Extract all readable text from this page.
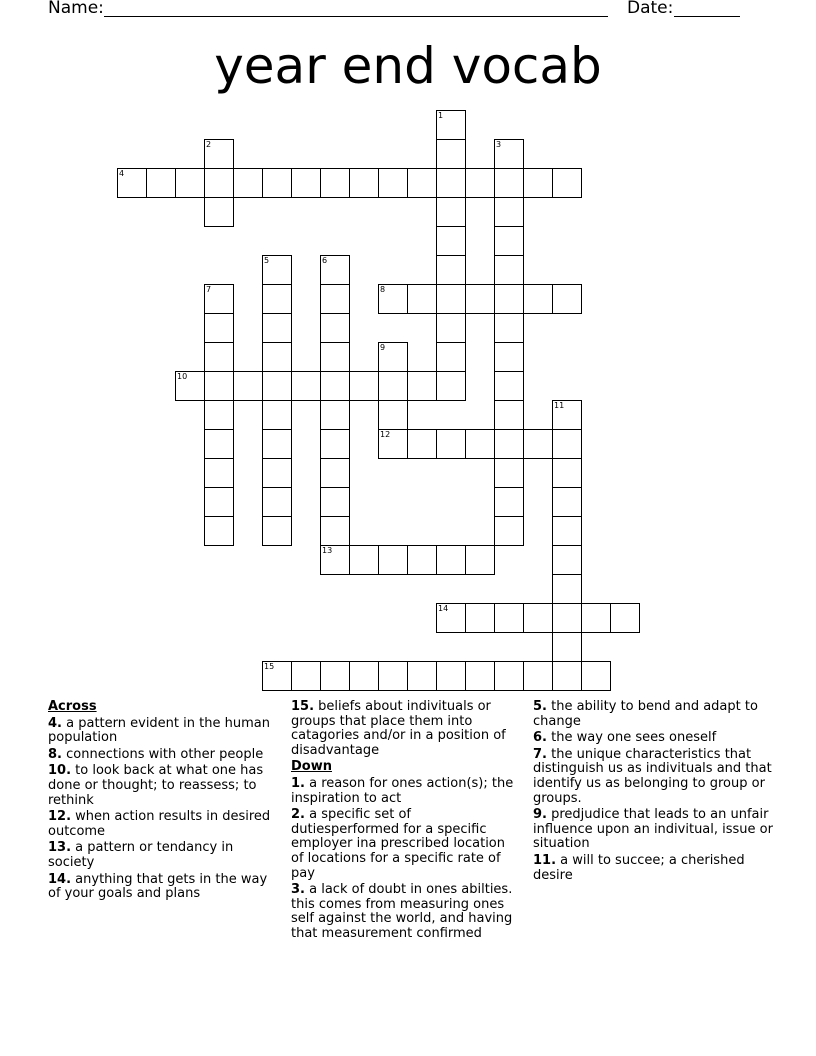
Name:	Date:
year end vocab
1
2	3
4
5	6
13
7	8
9
12
10
11
14
15
Across
4. a pattern evident in the human population
8. connections with other people
10. to look back at what one has done or thought; to reassess; to rethink
12. when action results in desired outcome
13. a pattern or tendancy in society
14. anything that gets in the way of your goals and plans
15. beliefs about indivituals or groups that place them into catagories and/or in a position of disadvantage
Down
1. a reason for ones action(s); the inspiration to act
2. a specific set of dutiesperformed for a specific employer ina prescribed location of locations for a specific rate of pay
3. a lack of doubt in ones abilties. this comes from measuring ones self against the world, and having that measurement confirmed
5. the ability to bend and adapt to change
6. the way one sees oneself
7. the unique characteristics that distinguish us as indivituals and that identify us as belonging to group or groups.
9. predjudice that leads to an unfair influence upon an indivitual, issue or situation
11. a will to succee; a cherished desire
